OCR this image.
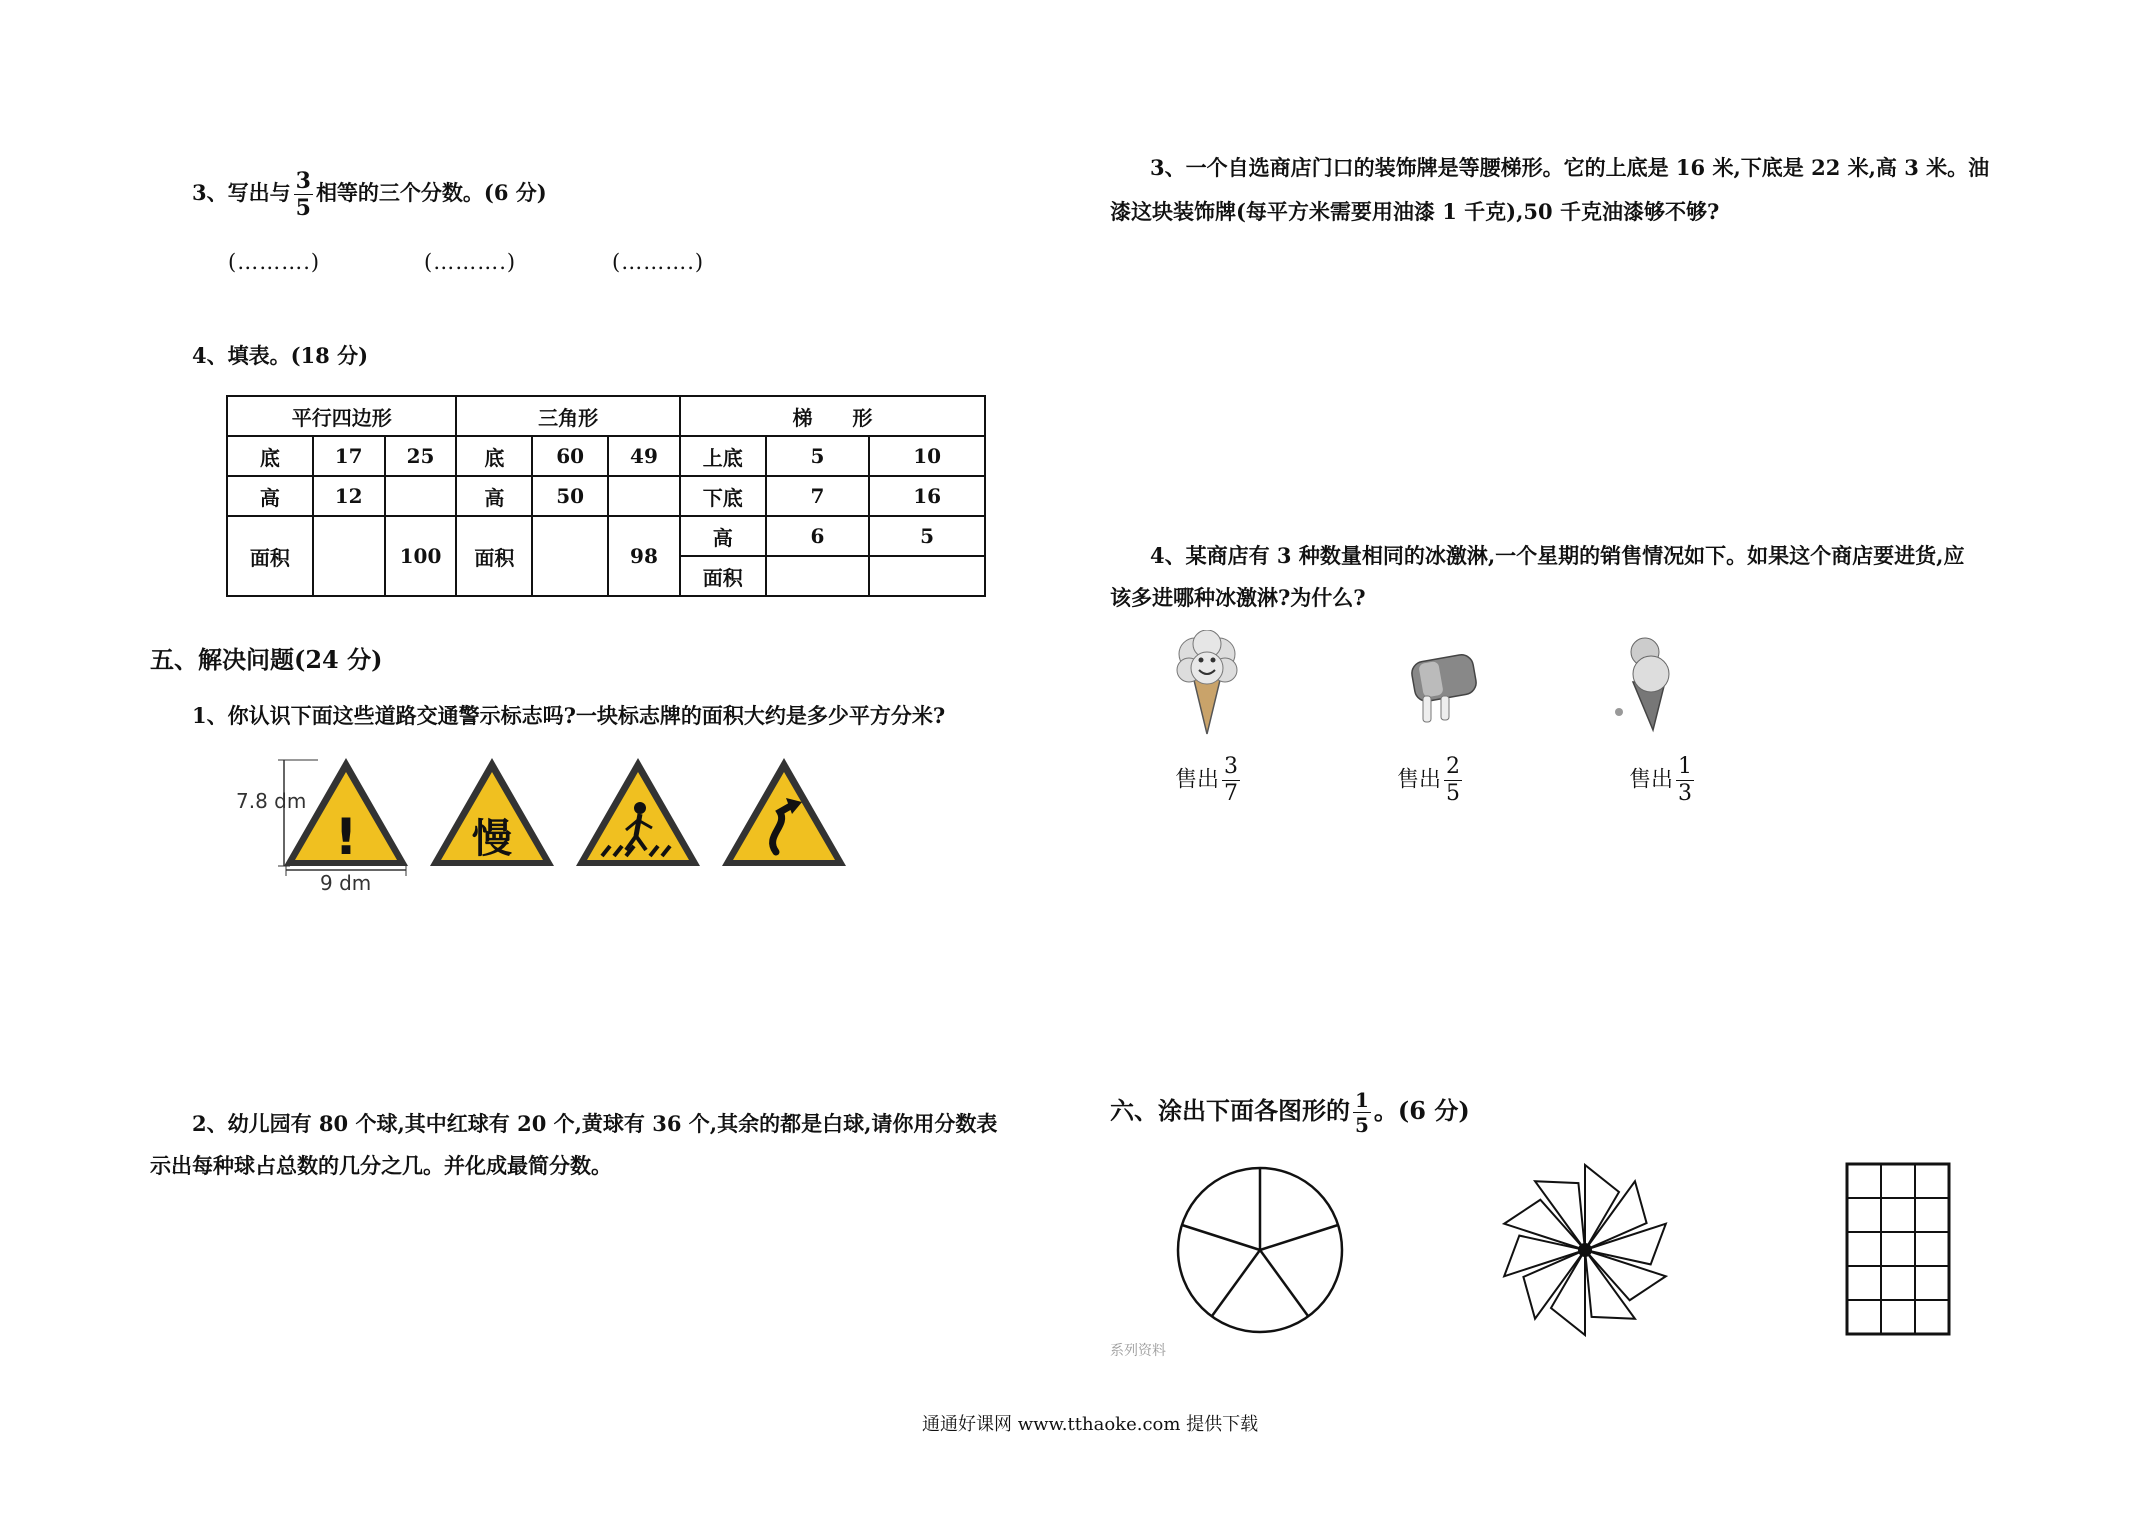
3、写出与 $\frac{3}{5}$ 相等的三个分数。(6 分)
(……….)	(……….)	(……….)
4、填表。(18 分)
平行四边形			三角形			梯　　形		
底	17	25	底	60	49	上底	5	10
高	12		高	50		下底	7	16
面积		100	面积		98	高	6	5
						面积		
五、解决问题(24 分)
1、你认识下面这些道路交通警示标志吗?一块标志牌的面积大约是多少平方分米?
7.8 dm
9 dm
!	慢
2、幼儿园有 80 个球,其中红球有 20 个,黄球有 36 个,其余的都是白球,请你用分数表
示出每种球占总数的几分之几。并化成最简分数。
3、一个自选商店门口的装饰牌是等腰梯形。它的上底是 16 米,下底是 22 米,高 3 米。油
漆这块装饰牌(每平方米需要用油漆 1 千克),50 千克油漆够不够?
4、某商店有 3 种数量相同的冰激淋,一个星期的销售情况如下。如果这个商店要进货,应
该多进哪种冰激淋?为什么?
售出 $\frac{3}{7}$	售出 $\frac{2}{5}$	售出 $\frac{1}{3}$
六、涂出下面各图形的 $\frac{1}{5}$ 。(6 分)
系列资料
通通好课网 www.tthaoke.com 提供下载
